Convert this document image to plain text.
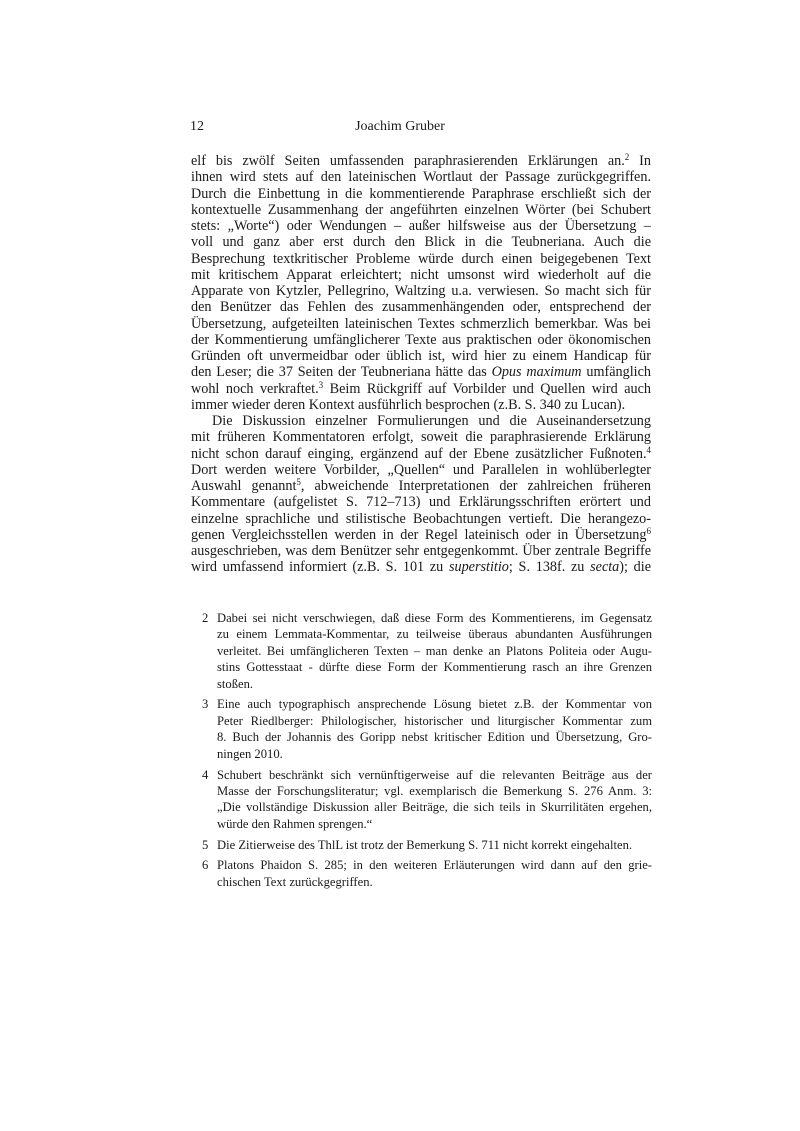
12	Joachim Gruber
elf bis zwölf Seiten umfassenden paraphrasierenden Erklärungen an.$^2$ In
ihnen wird stets auf den lateinischen Wortlaut der Passage zurückgegriffen.
Durch die Einbettung in die kommentierende Paraphrase erschließt sich der
kontextuelle Zusammenhang der angeführten einzelnen Wörter (bei Schubert
stets: „Worte“) oder Wendungen – außer hilfsweise aus der Übersetzung –
voll und ganz aber erst durch den Blick in die Teubneriana. Auch die
Besprechung textkritischer Probleme würde durch einen beigegebenen Text
mit kritischem Apparat erleichtert; nicht umsonst wird wiederholt auf die
Apparate von Kytzler, Pellegrino, Waltzing u.a. verwiesen. So macht sich für
den Benützer das Fehlen des zusammenhängenden oder, entsprechend der
Übersetzung, aufgeteilten lateinischen Textes schmerzlich bemerkbar. Was bei
der Kommentierung umfänglicherer Texte aus praktischen oder ökonomischen
Gründen oft unvermeidbar oder üblich ist, wird hier zu einem Handicap für
den Leser; die 37 Seiten der Teubneriana hätte das Opus maximum umfänglich
wohl noch verkraftet.$^3$ Beim Rückgriff auf Vorbilder und Quellen wird auch
immer wieder deren Kontext ausführlich besprochen (z.B. S. 340 zu Lucan).
Die Diskussion einzelner Formulierungen und die Auseinandersetzung
mit früheren Kommentatoren erfolgt, soweit die paraphrasierende Erklärung
nicht schon darauf einging, ergänzend auf der Ebene zusätzlicher Fußnoten.$^4$
Dort werden weitere Vorbilder, „Quellen“ und Parallelen in wohlüberlegter
Auswahl genannt$^5$, abweichende Interpretationen der zahlreichen früheren
Kommentare (aufgelistet S. 712–713) und Erklärungsschriften erörtert und
einzelne sprachliche und stilistische Beobachtungen vertieft. Die herangezo-
genen Vergleichsstellen werden in der Regel lateinisch oder in Übersetzung$^6$
ausgeschrieben, was dem Benützer sehr entgegenkommt. Über zentrale Begriffe
wird umfassend informiert (z.B. S. 101 zu superstitio; S. 138f. zu secta); die
2 Dabei sei nicht verschwiegen, daß diese Form des Kommentierens, im Gegensatz
zu einem Lemmata-Kommentar, zu teilweise überaus abundanten Ausführungen
verleitet. Bei umfänglicheren Texten – man denke an Platons Politeia oder Augu-
stins Gottesstaat - dürfte diese Form der Kommentierung rasch an ihre Grenzen
stoßen.
3 Eine auch typographisch ansprechende Lösung bietet z.B. der Kommentar von
Peter Riedlberger: Philologischer, historischer und liturgischer Kommentar zum
8. Buch der Johannis des Goripp nebst kritischer Edition und Übersetzung, Gro-
ningen 2010.
4 Schubert beschränkt sich vernünftigerweise auf die relevanten Beiträge aus der
Masse der Forschungsliteratur; vgl. exemplarisch die Bemerkung S. 276 Anm. 3:
„Die vollständige Diskussion aller Beiträge, die sich teils in Skurrilitäten ergehen,
würde den Rahmen sprengen.“
5 Die Zitierweise des ThlL ist trotz der Bemerkung S. 711 nicht korrekt eingehalten.
6 Platons Phaidon S. 285; in den weiteren Erläuterungen wird dann auf den grie-
chischen Text zurückgegriffen.
